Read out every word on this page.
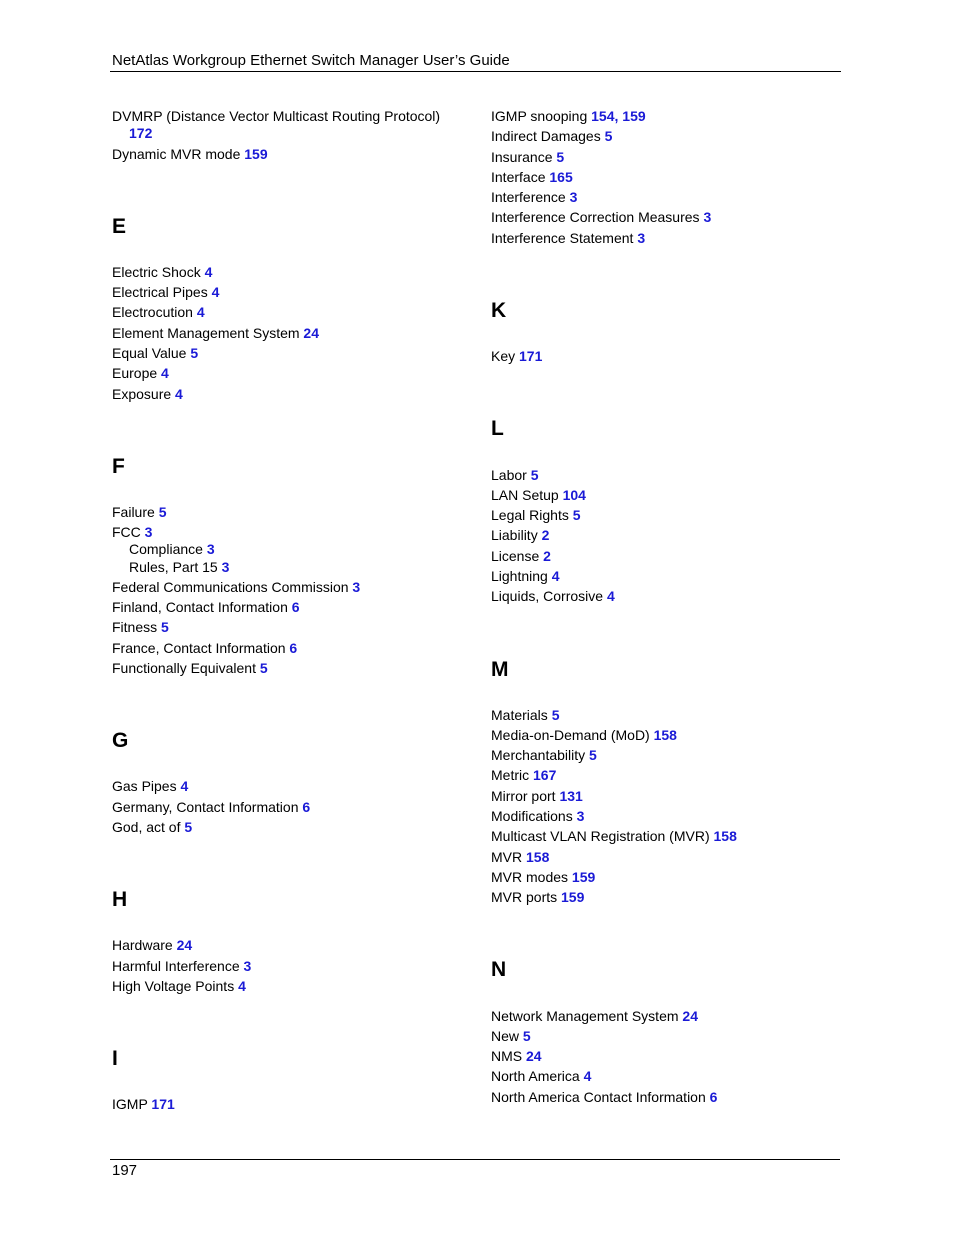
NetAtlas Workgroup Ethernet Switch Manager User’s Guide
DVMRP (Distance Vector Multicast Routing Protocol)
172
Dynamic MVR mode 159
E
Electric Shock 4
Electrical Pipes 4
Electrocution 4
Element Management System 24
Equal Value 5
Europe 4
Exposure 4
F
Failure 5
FCC 3
Compliance 3
Rules, Part 15 3
Federal Communications Commission 3
Finland, Contact Information 6
Fitness 5
France, Contact Information 6
Functionally Equivalent 5
G
Gas Pipes 4
Germany, Contact Information 6
God, act of 5
H
Hardware 24
Harmful Interference 3
High Voltage Points 4
I
IGMP 171
IGMP snooping 154, 159
Indirect Damages 5
Insurance 5
Interface 165
Interference 3
Interference Correction Measures 3
Interference Statement 3
K
Key 171
L
Labor 5
LAN Setup 104
Legal Rights 5
Liability 2
License 2
Lightning 4
Liquids, Corrosive 4
M
Materials 5
Media-on-Demand (MoD) 158
Merchantability 5
Metric 167
Mirror port 131
Modifications 3
Multicast VLAN Registration (MVR) 158
MVR 158
MVR modes 159
MVR ports 159
N
Network Management System 24
New 5
NMS 24
North America 4
North America Contact Information 6
197
